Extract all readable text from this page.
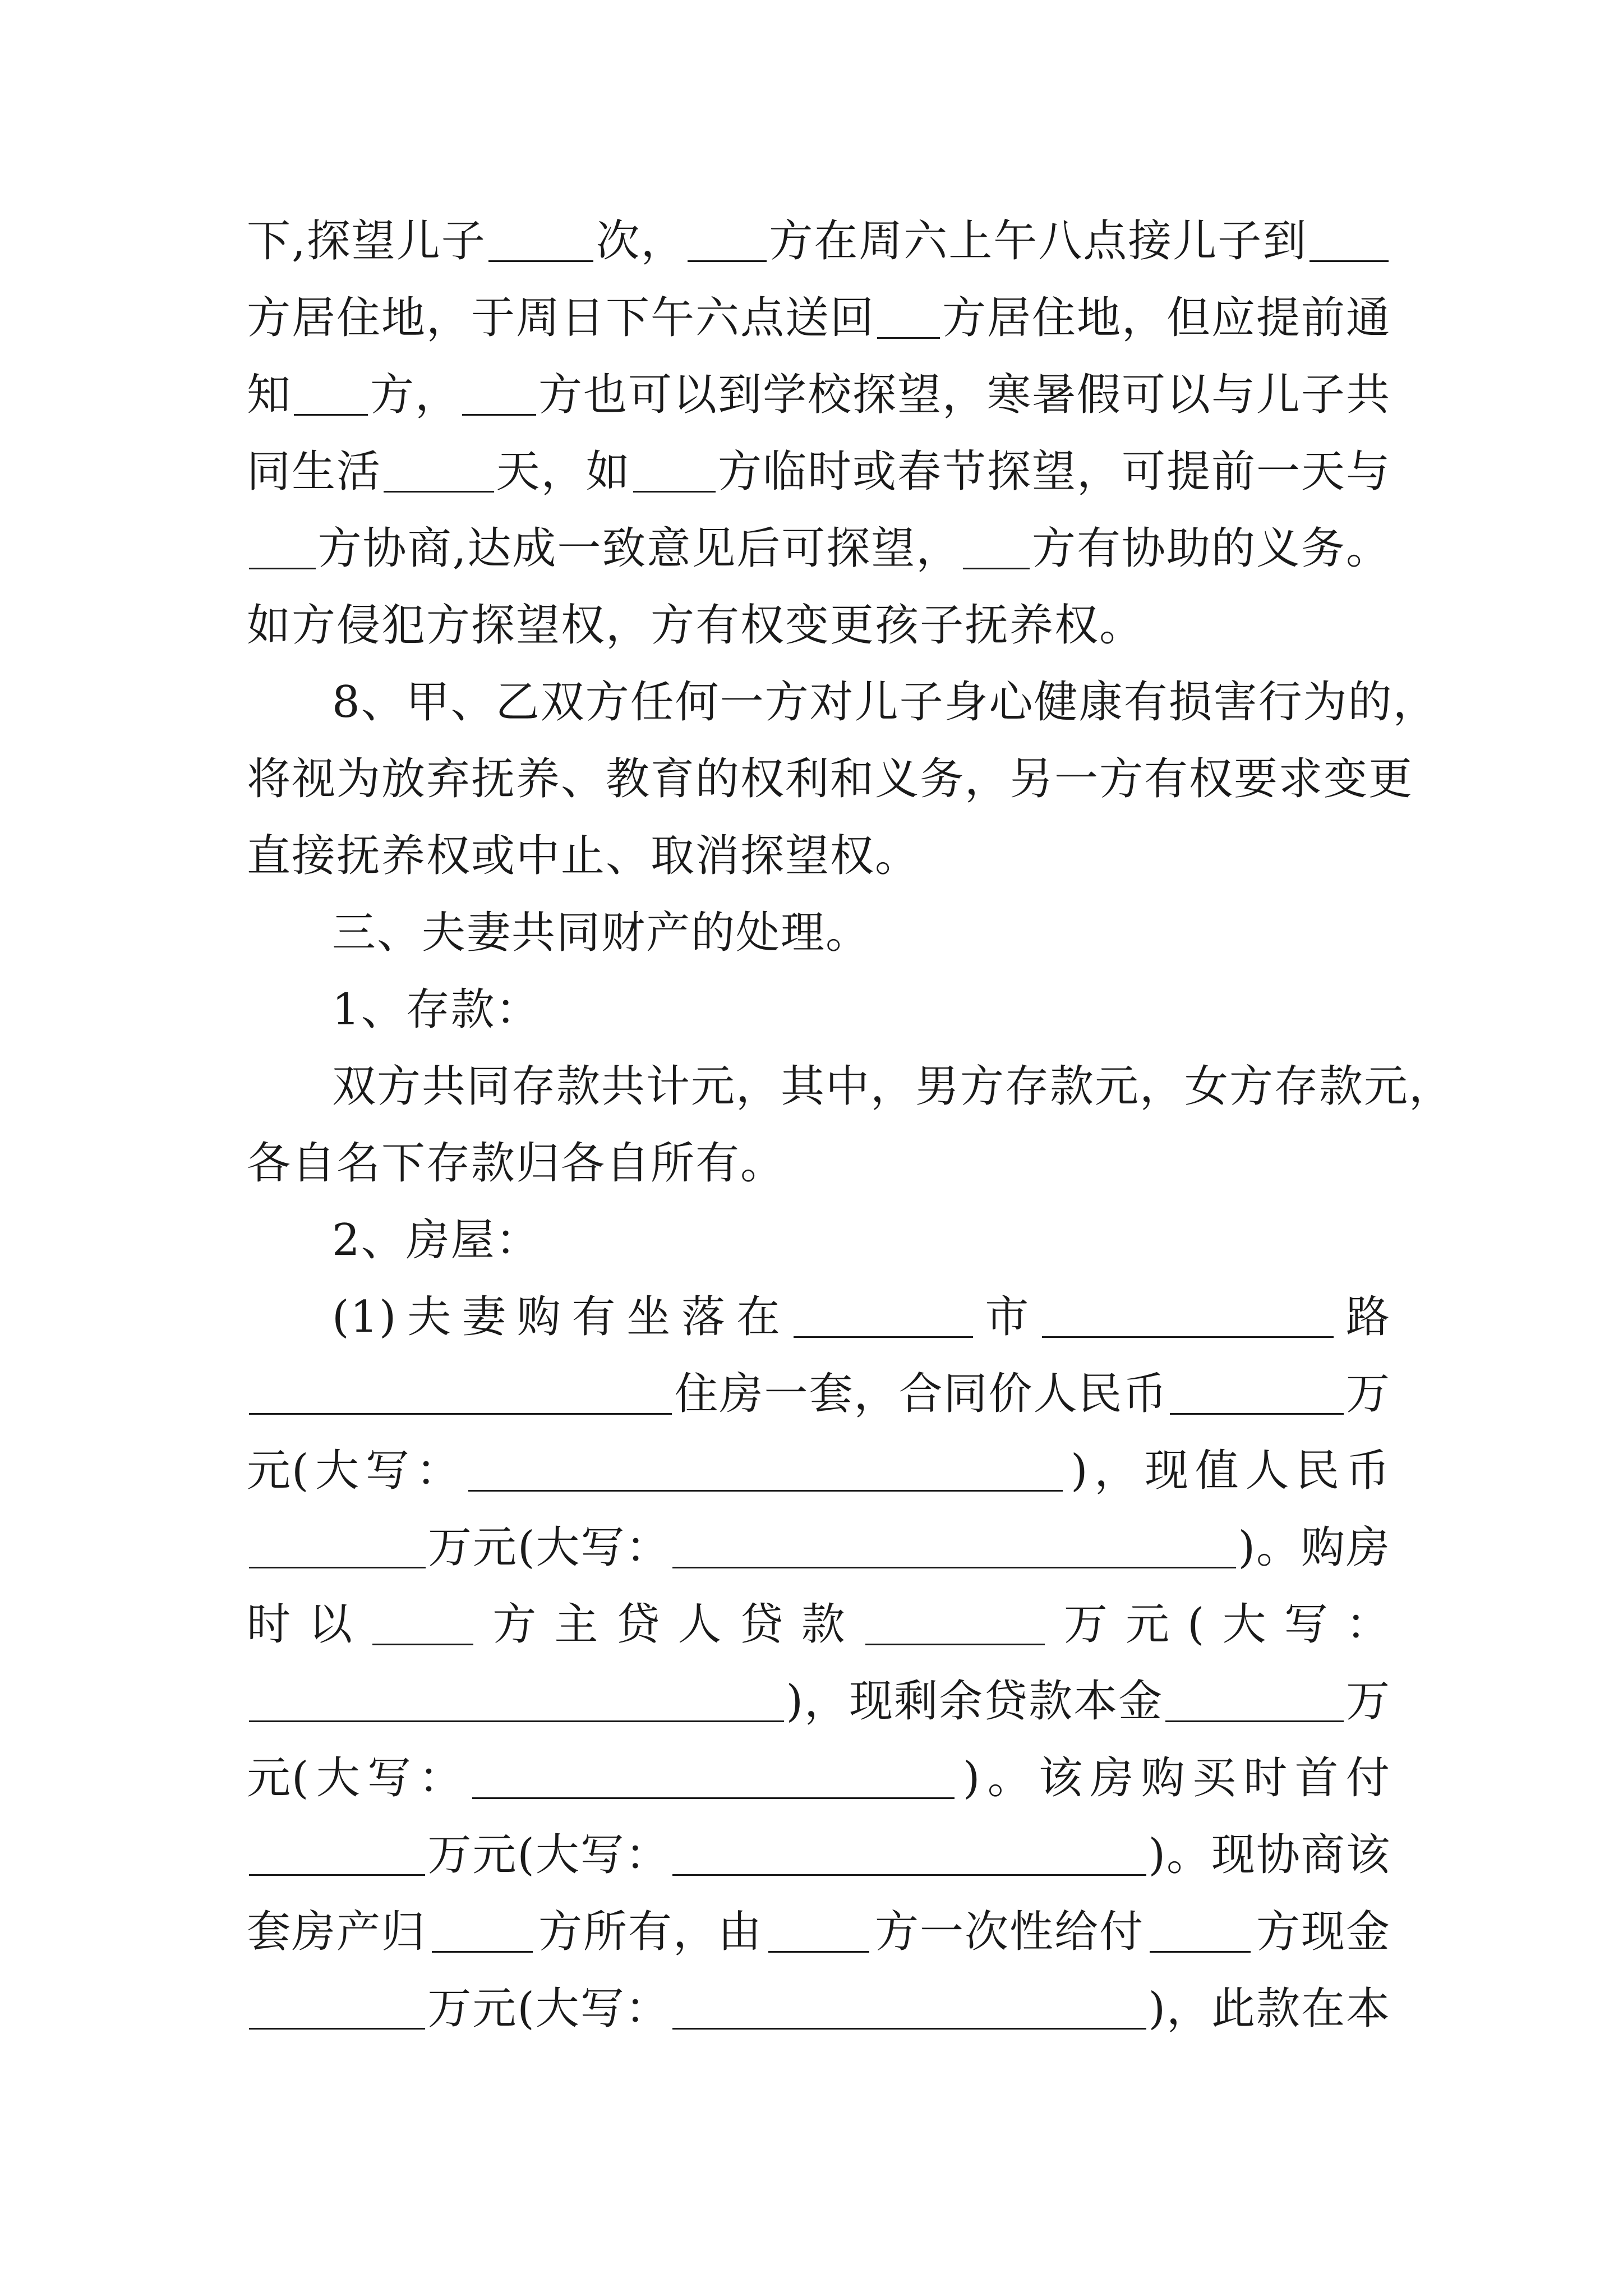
下,探望儿子	次， 方在周六上午八点接儿子到
方居住地，于周日下午六点送回 方居住地，但应提前通
知 方， 方也可以到学校探望，寒暑假可以与儿子共
同生活	天，如 方临时或春节探望，可提前一天与
方协商,达成一致意见后可探望， 方有协助的义务。
如方侵犯方探望权，方有权变更孩子抚养权。
8、甲、乙双方任何一方对儿子身心健康有损害行为的，
将视为放弃抚养、教育的权利和义务，另一方有权要求变更
直接抚养权或中止、取消探望权。
三、夫妻共同财产的处理。
1、存款：
双方共同存款共计元，其中，男方存款元，女方存款元，
各自名下存款归各自所有。
2、房屋：
(1) 夫 妻 购 有 坐 落 在	市	路
住房一套，合同价人民币	万
元( 大 写 ：	) ， 现 值 人 民 币
万元(大写：	)。购房
时 以	方 主 贷 人 贷 款	万 元 ( 大 写 ：
)，现剩余贷款本金	万
元( 大 写 ：	) 。 该 房 购 买 时 首 付
万元(大写：	)。现协商该
套房产归	方所有，由	方一次性给付	方现金
万元(大写：	)，此款在本
